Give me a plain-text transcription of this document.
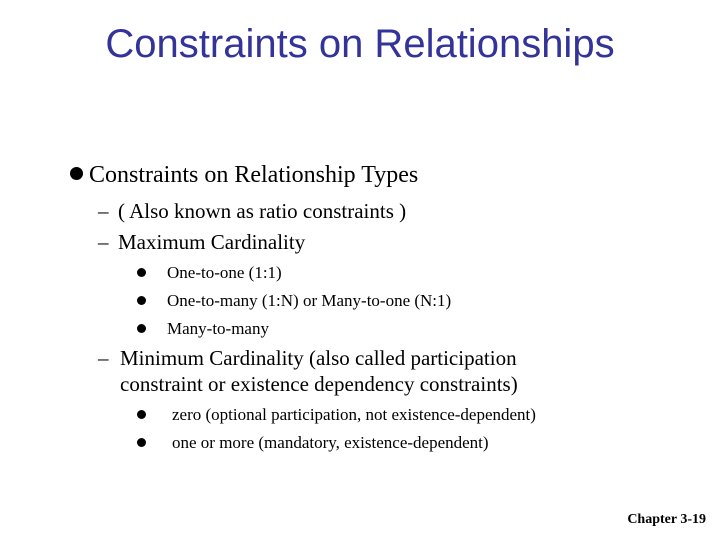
Constraints on Relationships
Constraints on Relationship Types
– ( Also known as ratio constraints )
– Maximum Cardinality
One-to-one (1:1)
One-to-many (1:N) or Many-to-one (N:1)
Many-to-many
– Minimum Cardinality (also called participation
constraint or existence dependency constraints)
zero (optional participation, not existence-dependent)
one or more (mandatory, existence-dependent)
Chapter 3-19
